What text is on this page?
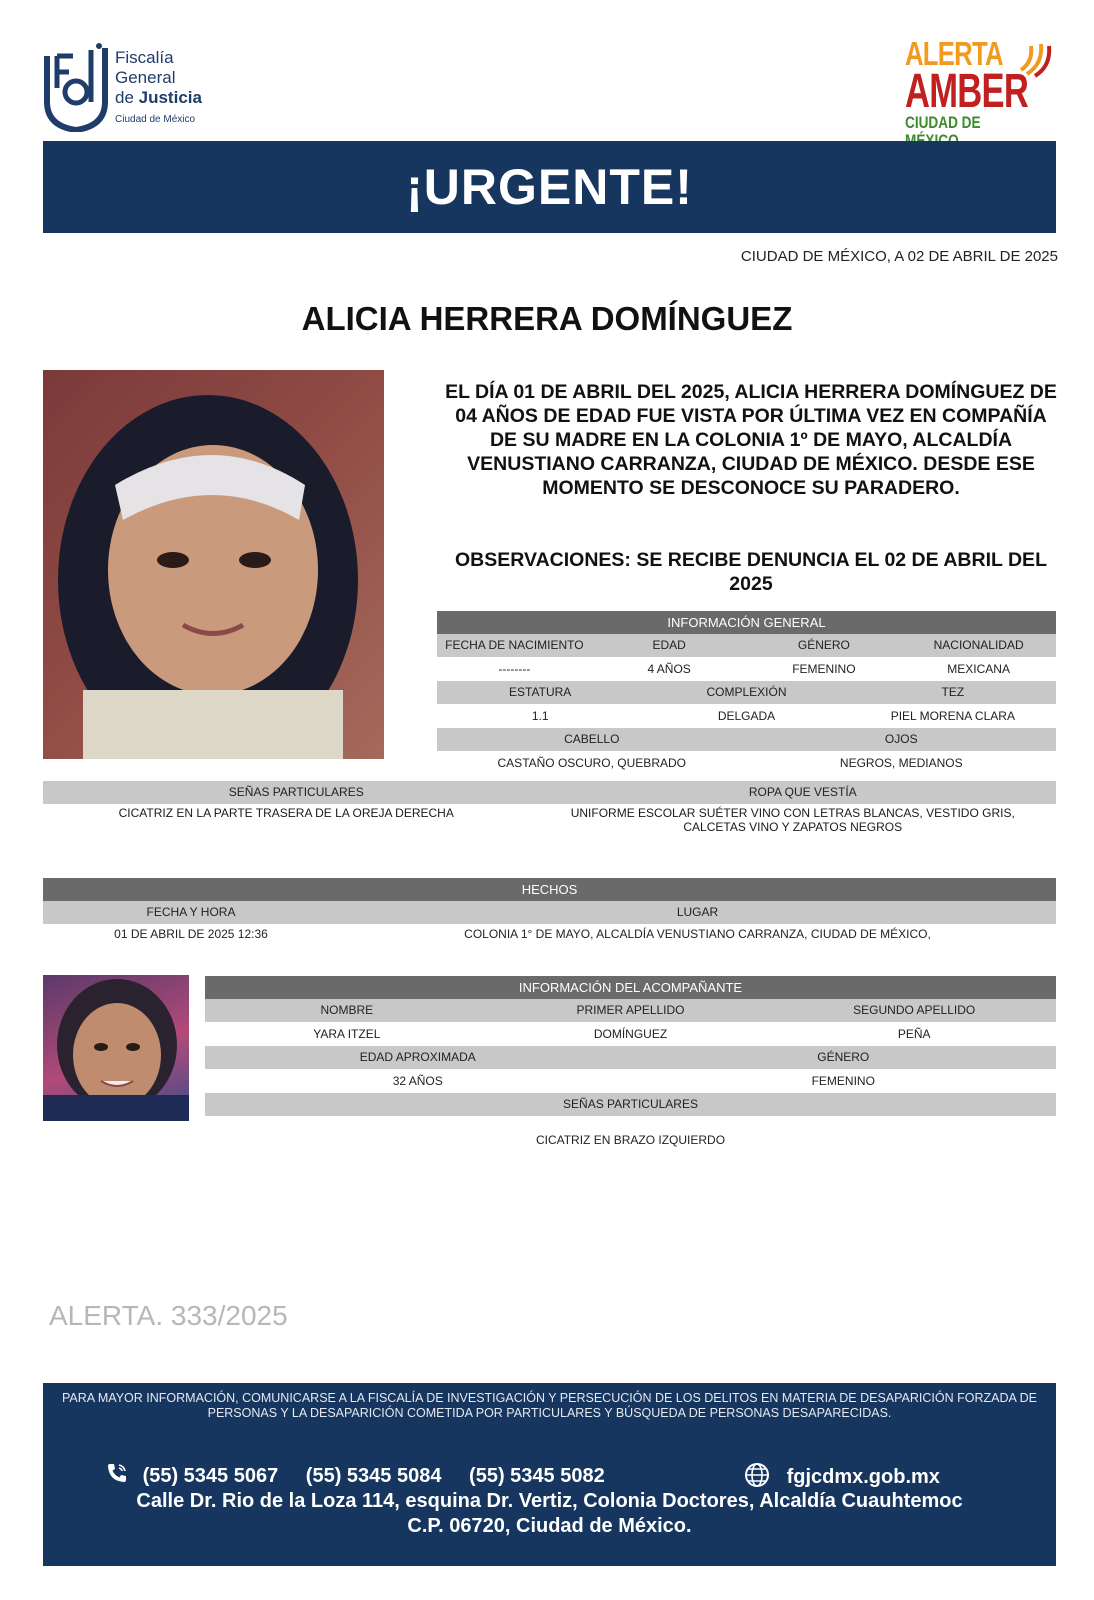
Fiscalía
General
de Justicia
Ciudad de México
ALERTA
AMBER
CIUDAD DE
¡URGENTE!
CIUDAD DE MÉXICO, A 02 DE ABRIL DE 2025
ALICIA HERRERA DOMÍNGUEZ
EL DÍA 01 DE ABRIL DEL 2025, ALICIA HERRERA DOMÍNGUEZ DE 04 AÑOS DE EDAD FUE VISTA POR ÚLTIMA VEZ EN COMPAÑÍA DE SU MADRE EN LA COLONIA 1º DE MAYO, ALCALDÍA VENUSTIANO CARRANZA, CIUDAD DE MÉXICO. DESDE ESE MOMENTO SE DESCONOCE SU PARADERO.
OBSERVACIONES: SE RECIBE DENUNCIA EL 02 DE ABRIL DEL 2025
INFORMACIÓN GENERAL
FECHA DE NACIMIENTO	EDAD	GÉNERO	NACIONALIDAD
--------	4 AÑOS	FEMENINO	MEXICANA
ESTATURA	COMPLEXIÓN	TEZ
1.1	DELGADA	PIEL MORENA CLARA
CABELLO	OJOS
CASTAÑO OSCURO, QUEBRADO	NEGROS, MEDIANOS
SEÑAS PARTICULARES	ROPA QUE VESTÍA
CICATRIZ EN LA PARTE TRASERA DE LA OREJA DERECHA	UNIFORME ESCOLAR SUÉTER VINO CON LETRAS BLANCAS, VESTIDO GRIS, CALCETAS VINO Y ZAPATOS NEGROS
HECHOS
FECHA Y HORA	LUGAR
01 DE ABRIL DE 2025 12:36	COLONIA 1° DE MAYO, ALCALDÍA VENUSTIANO CARRANZA, CIUDAD DE MÉXICO,
INFORMACIÓN DEL ACOMPAÑANTE
NOMBRE	PRIMER APELLIDO	SEGUNDO APELLIDO
YARA ITZEL	DOMÍNGUEZ	PEÑA
EDAD APROXIMADA	GÉNERO
32 AÑOS	FEMENINO
SEÑAS PARTICULARES
CICATRIZ EN BRAZO IZQUIERDO
ALERTA. 333/2025
PARA MAYOR INFORMACIÓN, COMUNICARSE A LA FISCALÍA DE INVESTIGACIÓN Y PERSECUCIÓN DE LOS DELITOS EN MATERIA DE DESAPARICIÓN FORZADA DE PERSONAS Y LA DESAPARICIÓN COMETIDA POR PARTICULARES Y BÚSQUEDA DE PERSONAS DESAPARECIDAS.
(55) 5345 5067 (55) 5345 5084 (55) 5345 5082	fgjcdmx.gob.mx
Calle Dr. Rio de la Loza 114, esquina Dr. Vertiz, Colonia Doctores, Alcaldía Cuauhtemoc
C.P. 06720, Ciudad de México.
